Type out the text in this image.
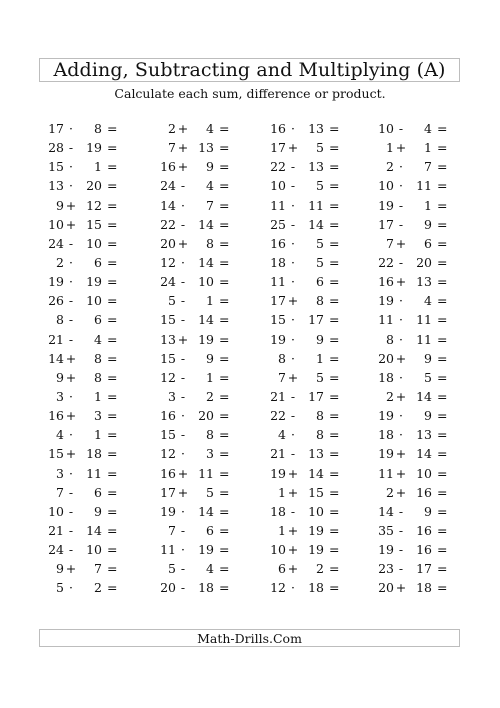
Adding, Subtracting and Multiplying (A)
Calculate each sum, difference or product.
17 ·	8 =	2 +	4 =	16 ·	13 =	10 -	4 =
28 -	19 =	7 + 13 =	17 +	5 =	1 +	1 =
15 ·	1 =	16 +	9 =	22 -	13 =	2 ·	7 =
13 ·	20 =	24 -	4 =	10 -	5 =	10 ·	11 =
9 + 12 =	14 ·	7 =	11 ·	11 =	19 -	1 =
10 + 15 =	22 -	14 =	25 -	14 =	17 -	9 =
24 -	10 =	20 +	8 =	16 ·	5 =	7 +	6 =
2 ·	6 =	12 ·	14 =	18 ·	5 =	22 -	20 =
19 ·	19 =	24 -	10 =	11 ·	6 =	16 + 13 =
26 -	10 =	5 -	1 =	17 +	8 =	19 ·	4 =
8 -	6 =	15 -	14 =	15 ·	17 =	11 ·	11 =
21 -	4 =	13 + 19 =	19 ·	9 =	8 ·	11 =
14 +	8 =	15 -	9 =	8 ·	1 =	20 +	9 =
9 +	8 =	12 -	1 =	7 +	5 =	18 ·	5 =
3 ·	1 =	3 -	2 =	21 -	17 =	2 + 14 =
16 +	3 =	16 ·	20 =	22 -	8 =	19 ·	9 =
4 ·	1 =	15 -	8 =	4 ·	8 =	18 ·	13 =
15 + 18 =	12 ·	3 =	21 -	13 =	19 + 14 =
3 ·	11 =	16 + 11 =	19 + 14 =	11 + 10 =
7 -	6 =	17 +	5 =	1 + 15 =	2 + 16 =
10 -	9 =	19 ·	14 =	18 -	10 =	14 -	9 =
21 -	14 =	7 -	6 =	1 + 19 =	35 -	16 =
24 -	10 =	11 ·	19 =	10 + 19 =	19 -	16 =
9 +	7 =	5 -	4 =	6 +	2 =	23 -	17 =
5 ·	2 =	20 -	18 =	12 ·	18 =	20 + 18 =
Math-Drills.Com
